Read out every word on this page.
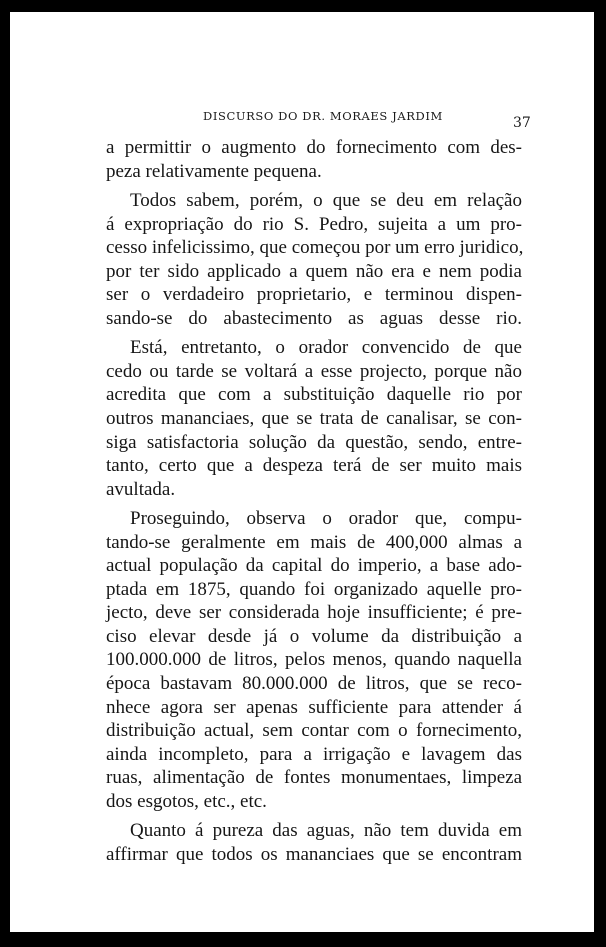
DISCURSO DO DR. MORAES JARDIM	37
a permittir o augmento do fornecimento com des-
peza relativamente pequena.
Todos sabem, porém, o que se deu em relação
á expropriação do rio S. Pedro, sujeita a um pro-
cesso infelicissimo, que começou por um erro juridico,
por ter sido applicado a quem não era e nem podia
ser o verdadeiro proprietario, e terminou dispen-
sando-se do abastecimento as aguas desse rio.
Está, entretanto, o orador convencido de que
cedo ou tarde se voltará a esse projecto, porque não
acredita que com a substituição daquelle rio por
outros mananciaes, que se trata de canalisar, se con-
siga satisfactoria solução da questão, sendo, entre-
tanto, certo que a despeza terá de ser muito mais
avultada.
Proseguindo, observa o orador que, compu-
tando-se geralmente em mais de 400,000 almas a
actual população da capital do imperio, a base ado-
ptada em 1875, quando foi organizado aquelle pro-
jecto, deve ser considerada hoje insufficiente; é pre-
ciso elevar desde já o volume da distribuição a
100.000.000 de litros, pelos menos, quando naquella
época bastavam 80.000.000 de litros, que se reco-
nhece agora ser apenas sufficiente para attender á
distribuição actual, sem contar com o fornecimento,
ainda incompleto, para a irrigação e lavagem das
ruas, alimentação de fontes monumentaes, limpeza
dos esgotos, etc., etc.
Quanto á pureza das aguas, não tem duvida em
affirmar que todos os mananciaes que se encontram
